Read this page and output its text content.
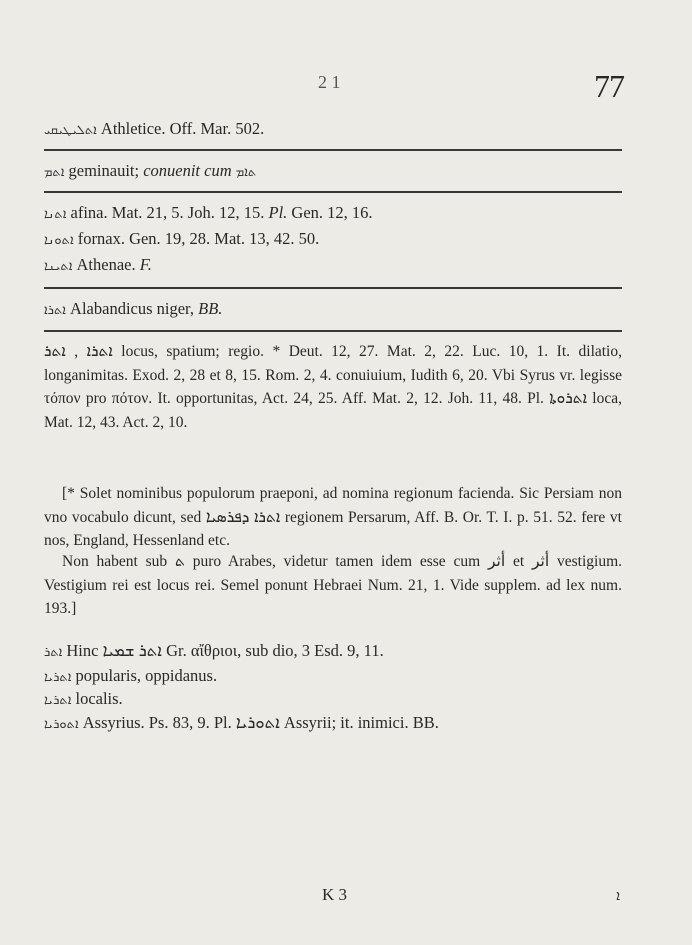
2 1	77
ܐܬܠܝܛܝܩܝ Athletice. Off. Mar. 502.
ܐܬܡ geminauit; conuenit cum ܬܐܡ
ܐܬܢܐ afina. Mat. 21, 5. Joh. 12, 15. Pl. Gen. 12, 16.
ܐܬܘܢܐ fornax. Gen. 19, 28. Mat. 13, 42. 50.
ܐܬܝܢܐ Athenae. F.
ܐܬܪܐ Alabandicus niger, BB.
ܐܬܪܐ , ܐܬܪ locus, spatium; regio. * Deut. 12, 27. Mat. 2, 22. Luc. 10, 1. It. dilatio, longanimitas. Exod. 2, 28 et 8, 15. Rom. 2, 4. conuiuium, Iudith 6, 20. Vbi Syrus vr. legisse τόπον pro πότον. It. opportunitas, Act. 24, 25. Aff. Mat. 2, 12. Joh. 11, 48. Pl. ܐܬܪܘܬܐ loca, Mat. 12, 43. Act. 2, 10.
[* Solet nominibus populorum praeponi, ad nomina regionum facienda. Sic Persiam non vno vocabulo dicunt, sed ܐܬܪܐ ܕܦܪܣܝܐ regionem Persarum, Aff. B. Or. T. I. p. 51. 52. fere vt nos, England, Hessenland etc.
Non habent sub ܬ puro Arabes, videtur tamen idem esse cum أثر et أثر vestigium. Vestigium rei est locus rei. Semel ponunt Hebraei Num. 21, 1. Vide supplem. ad lex num. 193.]
ܐܬܪ Hinc ܐܬܪ ܫܡܝܐ Gr. αἴθριοι, sub dio, 3 Esd. 9, 11.
ܐܬܪܝܐ popularis, oppidanus.
ܐܬܪܝܐ localis.
ܐܬܘܪܝܐ Assyrius. Ps. 83, 9. Pl. ܐܬܘܪܝܐ Assyrii; it. inimici. BB.
K 3	ܐ
